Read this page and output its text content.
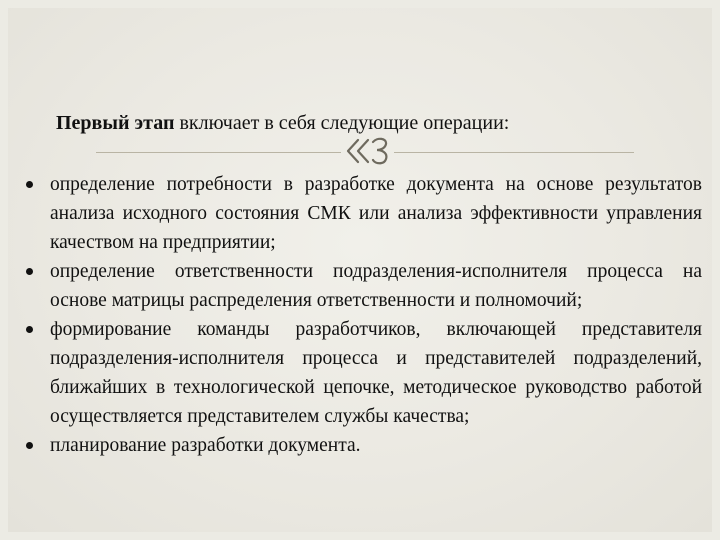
Первый этап включает в себя следующие операции:
определение потребности в разработке документа на основе результатов анализа исходного состояния СМК или анализа эффективности управления качеством на предприятии;
определение ответственности подразделения-исполнителя процесса на основе матрицы распределения ответственности и полномочий;
формирование команды разработчиков, включающей представителя подразделения-исполнителя процесса и представителей подразделений, ближайших в технологической цепочке, методическое руководство работой осуществляется представителем службы качества;
планирование разработки документа.
